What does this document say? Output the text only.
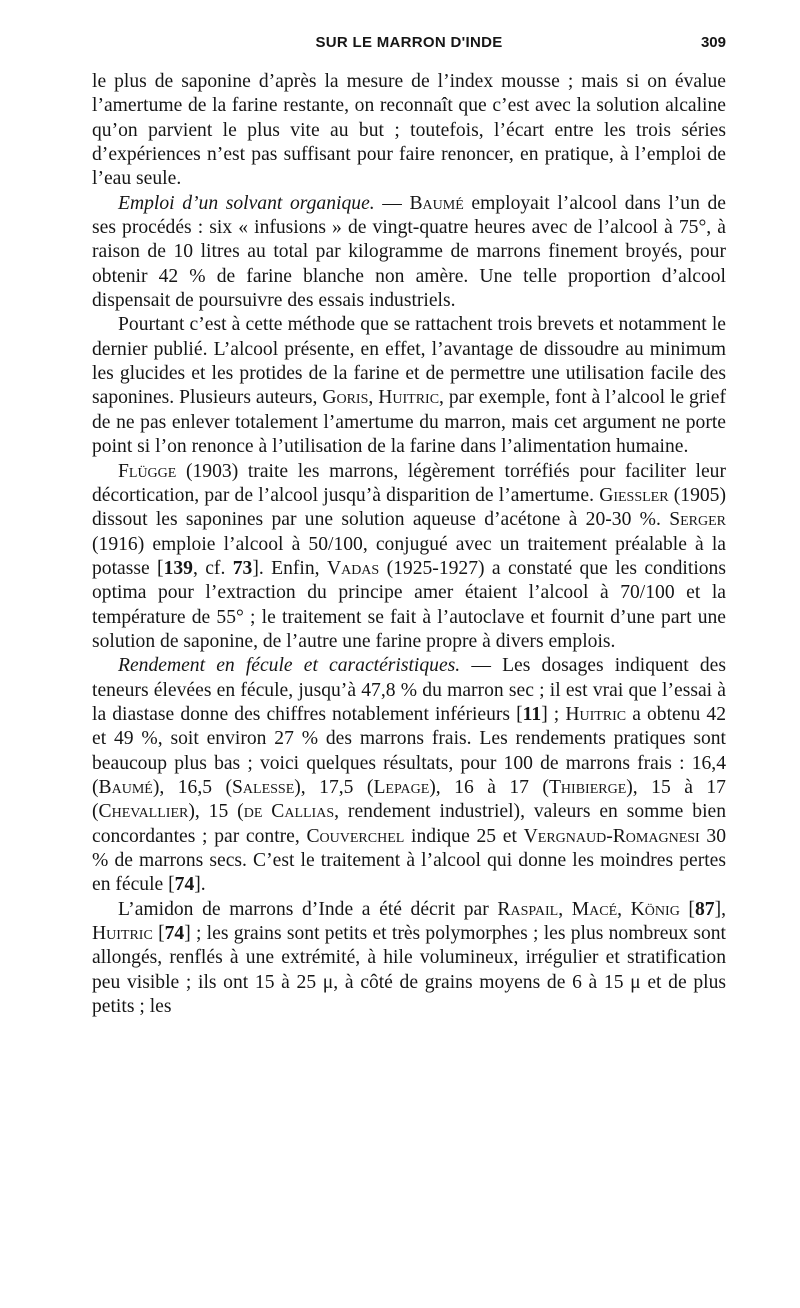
SUR LE MARRON D'INDE	309

le plus de saponine d’après la mesure de l’index mousse ; mais si on évalue l’amertume de la farine restante, on reconnaît que c’est avec la solution alcaline qu’on parvient le plus vite au but ; toutefois, l’écart entre les trois séries d’expériences n’est pas suffisant pour faire renoncer, en pratique, à l’emploi de l’eau seule.

Emploi d’un solvant organique. — Baumé employait l’alcool dans l’un de ses procédés : six « infusions » de vingt-quatre heures avec de l’alcool à 75°, à raison de 10 litres au total par kilogramme de marrons finement broyés, pour obtenir 42 % de farine blanche non amère. Une telle proportion d’alcool dispensait de poursuivre des essais industriels.

Pourtant c’est à cette méthode que se rattachent trois brevets et notamment le dernier publié. L’alcool présente, en effet, l’avantage de dissoudre au minimum les glucides et les protides de la farine et de permettre une utilisation facile des saponines. Plusieurs auteurs, Goris, Huitric, par exemple, font à l’alcool le grief de ne pas enlever totalement l’amertume du marron, mais cet argument ne porte point si l’on renonce à l’utilisation de la farine dans l’alimentation humaine.

Flügge (1903) traite les marrons, légèrement torréfiés pour faciliter leur décortication, par de l’alcool jusqu’à disparition de l’amertume. Giessler (1905) dissout les saponines par une solution aqueuse d’acétone à 20-30 %. Serger (1916) emploie l’alcool à 50/100, conjugué avec un traitement préalable à la potasse [139, cf. 73]. Enfin, Vadas (1925-1927) a constaté que les conditions optima pour l’extraction du principe amer étaient l’alcool à 70/100 et la température de 55° ; le traitement se fait à l’autoclave et fournit d’une part une solution de saponine, de l’autre une farine propre à divers emplois.

Rendement en fécule et caractéristiques. — Les dosages indiquent des teneurs élevées en fécule, jusqu’à 47,8 % du marron sec ; il est vrai que l’essai à la diastase donne des chiffres notablement inférieurs [11] ; Huitric a obtenu 42 et 49 %, soit environ 27 % des marrons frais. Les rendements pratiques sont beaucoup plus bas ; voici quelques résultats, pour 100 de marrons frais : 16,4 (Baumé), 16,5 (Salesse), 17,5 (Lepage), 16 à 17 (Thibierge), 15 à 17 (Chevallier), 15 (de Callias, rendement industriel), valeurs en somme bien concordantes ; par contre, Couverchel indique 25 et Vergnaud-Romagnesi 30 % de marrons secs. C’est le traitement à l’alcool qui donne les moindres pertes en fécule [74].

L’amidon de marrons d’Inde a été décrit par Raspail, Macé, König [87], Huitric [74] ; les grains sont petits et très polymorphes ; les plus nombreux sont allongés, renflés à une extrémité, à hile volumineux, irrégulier et stratification peu visible ; ils ont 15 à 25 μ, à côté de grains moyens de 6 à 15 μ et de plus petits ; les
